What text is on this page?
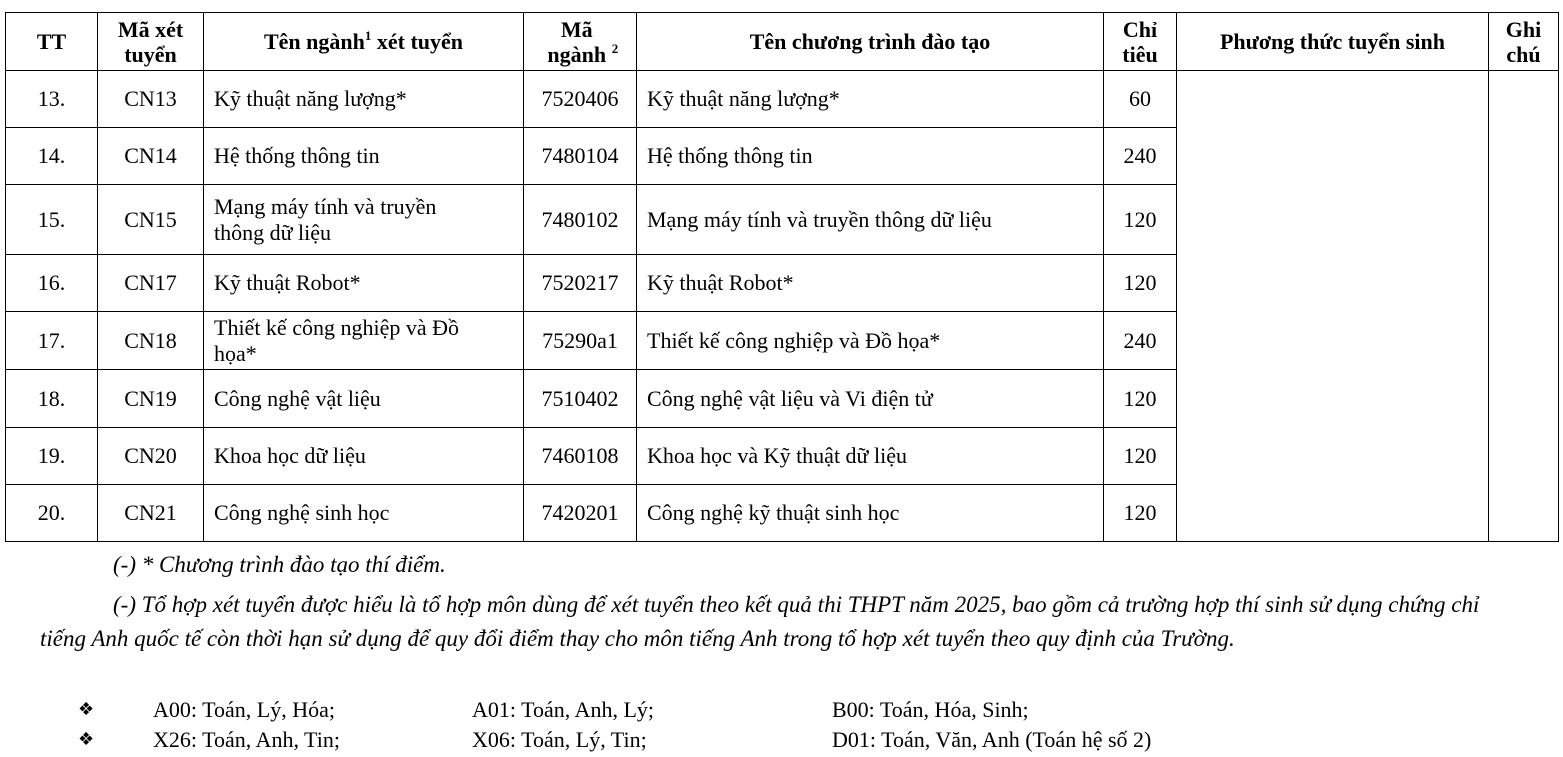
TT	Mã xét tuyển	Tên ngành$^1$ xét tuyển	Mã ngành $^2$	Tên chương trình đào tạo	Chỉ tiêu	Phương thức tuyển sinh	Ghi chú
13.	CN13	Kỹ thuật năng lượng*	7520406	Kỹ thuật năng lượng*	60		
14.	CN14	Hệ thống thông tin	7480104	Hệ thống thông tin	240		
15.	CN15	Mạng máy tính và truyền thông dữ liệu	7480102	Mạng máy tính và truyền thông dữ liệu	120		
16.	CN17	Kỹ thuật Robot*	7520217	Kỹ thuật Robot*	120		
17.	CN18	Thiết kế công nghiệp và Đồ họa*	75290a1	Thiết kế công nghiệp và Đồ họa*	240		
18.	CN19	Công nghệ vật liệu	7510402	Công nghệ vật liệu và Vi điện tử	120		
19.	CN20	Khoa học dữ liệu	7460108	Khoa học và Kỹ thuật dữ liệu	120		
20.	CN21	Công nghệ sinh học	7420201	Công nghệ kỹ thuật sinh học	120		
(-) * Chương trình đào tạo thí điểm.
(-) Tổ hợp xét tuyển được hiểu là tổ hợp môn dùng để xét tuyển theo kết quả thi THPT năm 2025, bao gồm cả trường hợp thí sinh sử dụng chứng chỉ tiếng Anh quốc tế còn thời hạn sử dụng để quy đổi điểm thay cho môn tiếng Anh trong tổ hợp xét tuyển theo quy định của Trường.
❖	A00: Toán, Lý, Hóa;	A01: Toán, Anh, Lý;	B00: Toán, Hóa, Sinh;
❖	X26: Toán, Anh, Tin;	X06: Toán, Lý, Tin;	D01: Toán, Văn, Anh (Toán hệ số 2)
